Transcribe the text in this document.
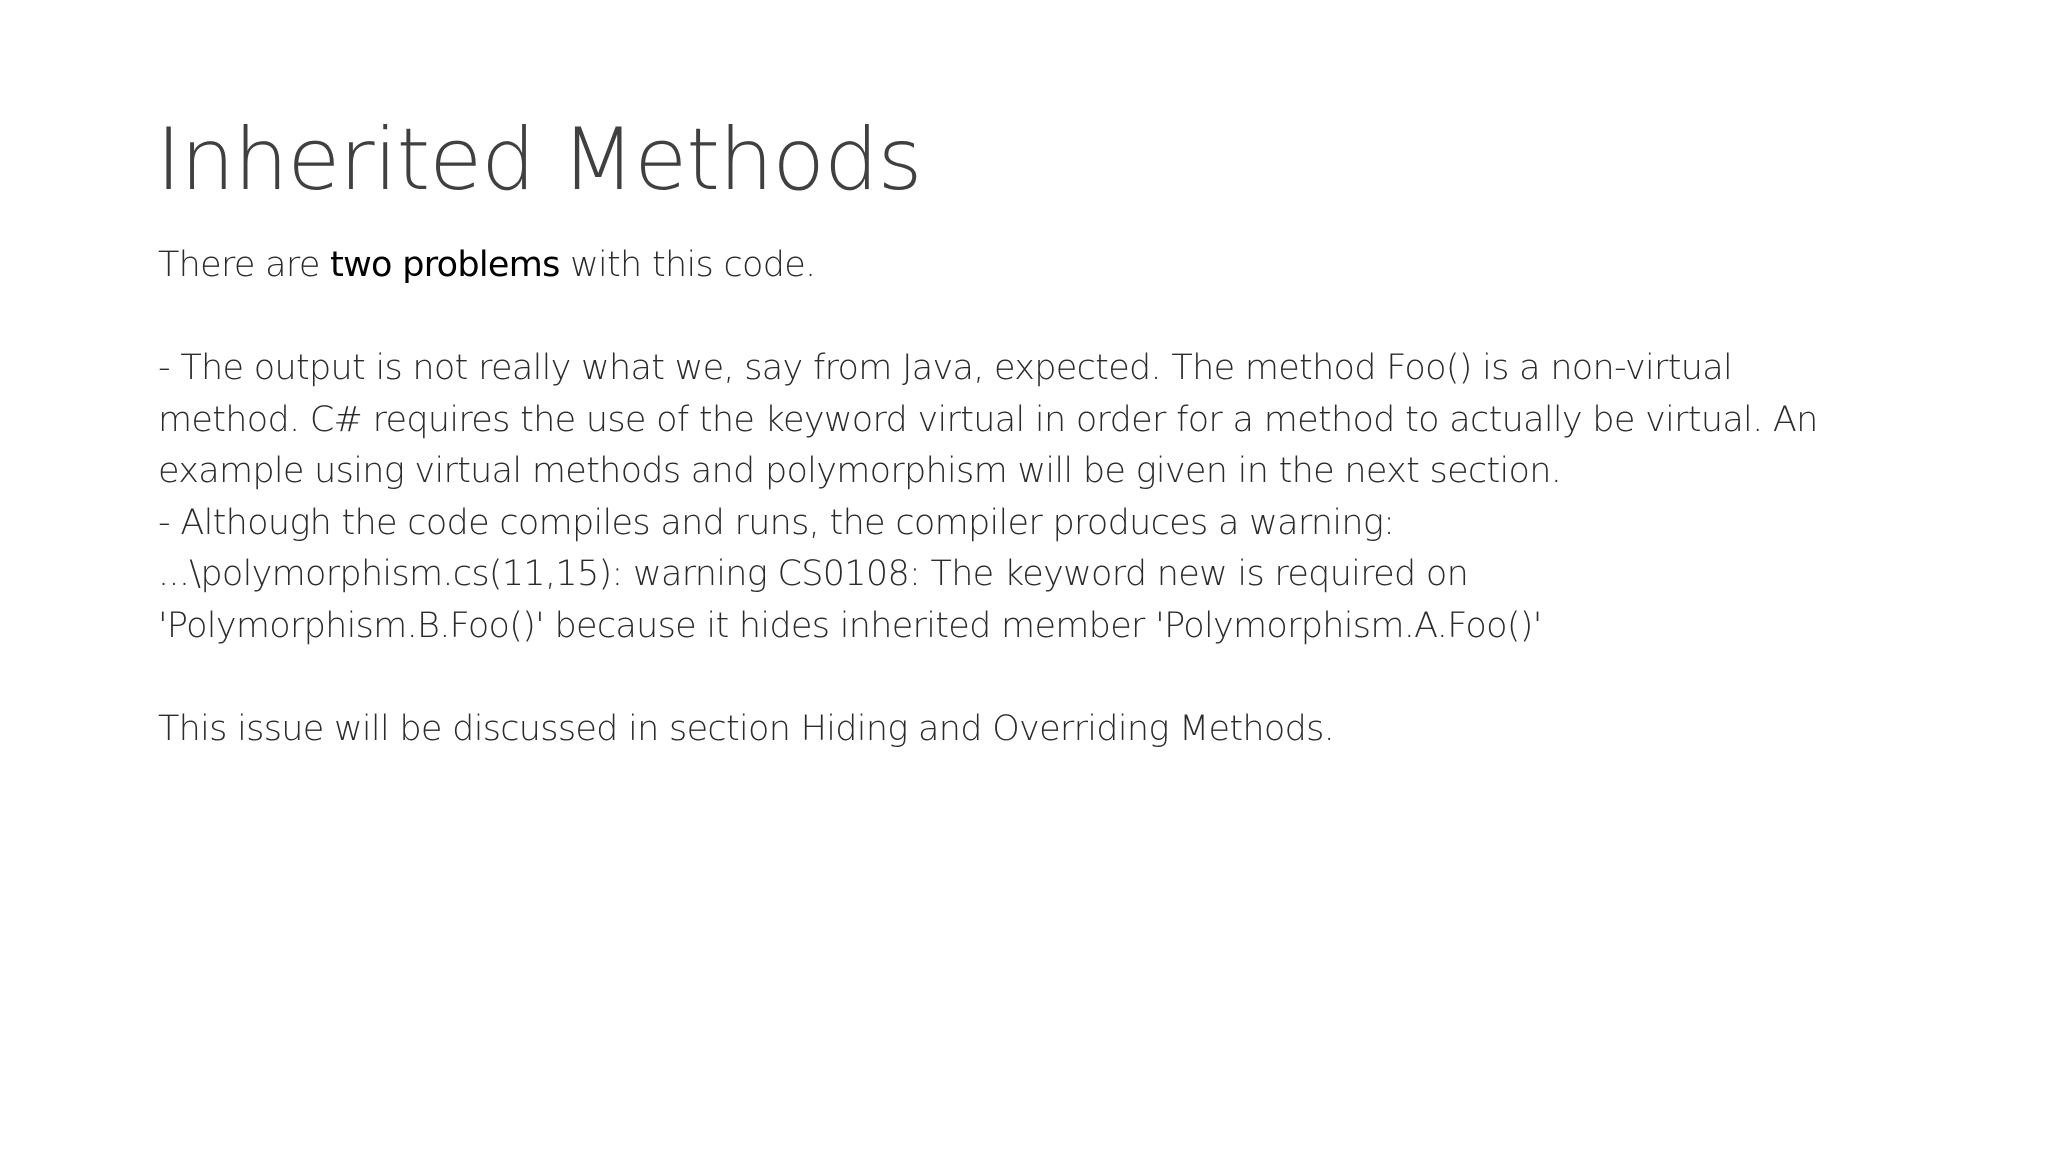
Inherited Methods
There are two problems with this code.
- The output is not really what we, say from Java, expected. The method Foo() is a non-virtual
method. C# requires the use of the keyword virtual in order for a method to actually be virtual. An
example using virtual methods and polymorphism will be given in the next section.
- Although the code compiles and runs, the compiler produces a warning:
...\polymorphism.cs(11,15): warning CS0108: The keyword new is required on
'Polymorphism.B.Foo()' because it hides inherited member 'Polymorphism.A.Foo()'
This issue will be discussed in section Hiding and Overriding Methods.
